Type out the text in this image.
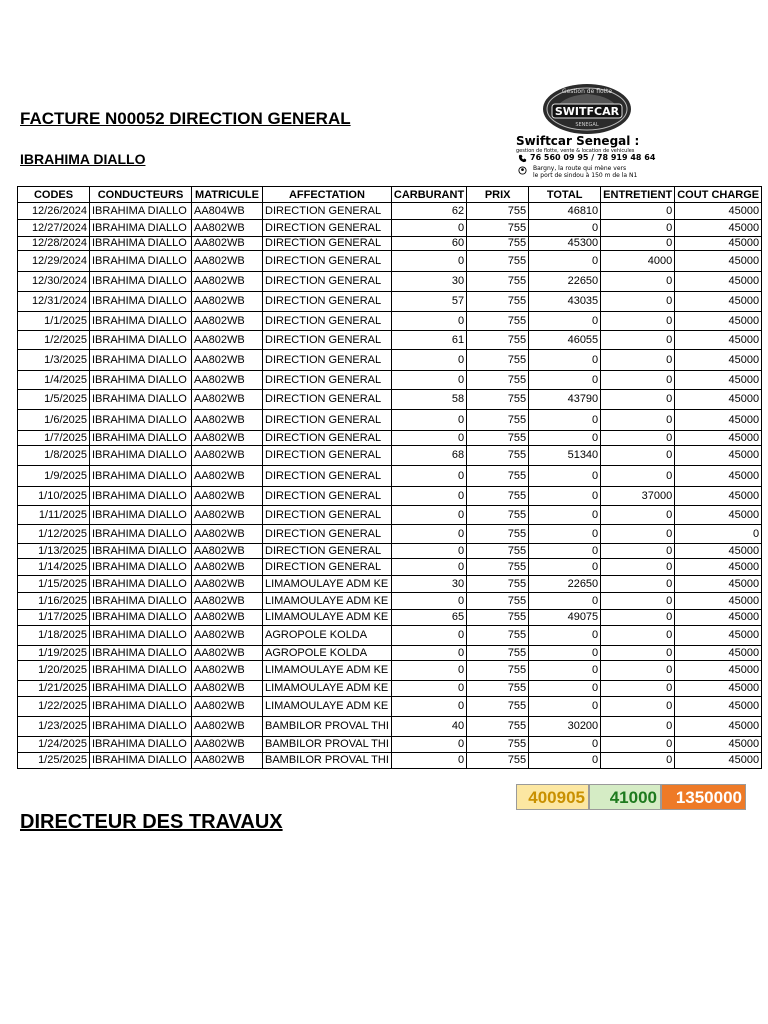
FACTURE N00052 DIRECTION GENERAL
IBRAHIMA DIALLO
Gestion de flotte
SWITFCAR
SENEGAL
Swiftcar Senegal :
gestion de flotte, vente & location de vehicules
76 560 09 95 / 78 919 48 64
Bargny, la route qui mène vers
le port de sindou à 150 m de la N1
CODES	CONDUCTEURS	MATRICULE	AFFECTATION	CARBURANT	PRIX	TOTAL	ENTRETIENT	COUT CHARGE
12/26/2024	IBRAHIMA DIALLO	AA804WB	DIRECTION GENERAL	62	755	46810	0	45000
12/27/2024	IBRAHIMA DIALLO	AA802WB	DIRECTION GENERAL	0	755	0	0	45000
12/28/2024	IBRAHIMA DIALLO	AA802WB	DIRECTION GENERAL	60	755	45300	0	45000
12/29/2024	IBRAHIMA DIALLO	AA802WB	DIRECTION GENERAL	0	755	0	4000	45000
12/30/2024	IBRAHIMA DIALLO	AA802WB	DIRECTION GENERAL	30	755	22650	0	45000
12/31/2024	IBRAHIMA DIALLO	AA802WB	DIRECTION GENERAL	57	755	43035	0	45000
1/1/2025	IBRAHIMA DIALLO	AA802WB	DIRECTION GENERAL	0	755	0	0	45000
1/2/2025	IBRAHIMA DIALLO	AA802WB	DIRECTION GENERAL	61	755	46055	0	45000
1/3/2025	IBRAHIMA DIALLO	AA802WB	DIRECTION GENERAL	0	755	0	0	45000
1/4/2025	IBRAHIMA DIALLO	AA802WB	DIRECTION GENERAL	0	755	0	0	45000
1/5/2025	IBRAHIMA DIALLO	AA802WB	DIRECTION GENERAL	58	755	43790	0	45000
1/6/2025	IBRAHIMA DIALLO	AA802WB	DIRECTION GENERAL	0	755	0	0	45000
1/7/2025	IBRAHIMA DIALLO	AA802WB	DIRECTION GENERAL	0	755	0	0	45000
1/8/2025	IBRAHIMA DIALLO	AA802WB	DIRECTION GENERAL	68	755	51340	0	45000
1/9/2025	IBRAHIMA DIALLO	AA802WB	DIRECTION GENERAL	0	755	0	0	45000
1/10/2025	IBRAHIMA DIALLO	AA802WB	DIRECTION GENERAL	0	755	0	37000	45000
1/11/2025	IBRAHIMA DIALLO	AA802WB	DIRECTION GENERAL	0	755	0	0	45000
1/12/2025	IBRAHIMA DIALLO	AA802WB	DIRECTION GENERAL	0	755	0	0	0
1/13/2025	IBRAHIMA DIALLO	AA802WB	DIRECTION GENERAL	0	755	0	0	45000
1/14/2025	IBRAHIMA DIALLO	AA802WB	DIRECTION GENERAL	0	755	0	0	45000
1/15/2025	IBRAHIMA DIALLO	AA802WB	LIMAMOULAYE ADM KE	30	755	22650	0	45000
1/16/2025	IBRAHIMA DIALLO	AA802WB	LIMAMOULAYE ADM KE	0	755	0	0	45000
1/17/2025	IBRAHIMA DIALLO	AA802WB	LIMAMOULAYE ADM KE	65	755	49075	0	45000
1/18/2025	IBRAHIMA DIALLO	AA802WB	AGROPOLE KOLDA	0	755	0	0	45000
1/19/2025	IBRAHIMA DIALLO	AA802WB	AGROPOLE KOLDA	0	755	0	0	45000
1/20/2025	IBRAHIMA DIALLO	AA802WB	LIMAMOULAYE ADM KE	0	755	0	0	45000
1/21/2025	IBRAHIMA DIALLO	AA802WB	LIMAMOULAYE ADM KE	0	755	0	0	45000
1/22/2025	IBRAHIMA DIALLO	AA802WB	LIMAMOULAYE ADM KE	0	755	0	0	45000
1/23/2025	IBRAHIMA DIALLO	AA802WB	BAMBILOR PROVAL THI	40	755	30200	0	45000
1/24/2025	IBRAHIMA DIALLO	AA802WB	BAMBILOR PROVAL THI	0	755	0	0	45000
1/25/2025	IBRAHIMA DIALLO	AA802WB	BAMBILOR PROVAL THI	0	755	0	0	45000
400905	41000	1350000
DIRECTEUR DES TRAVAUX
